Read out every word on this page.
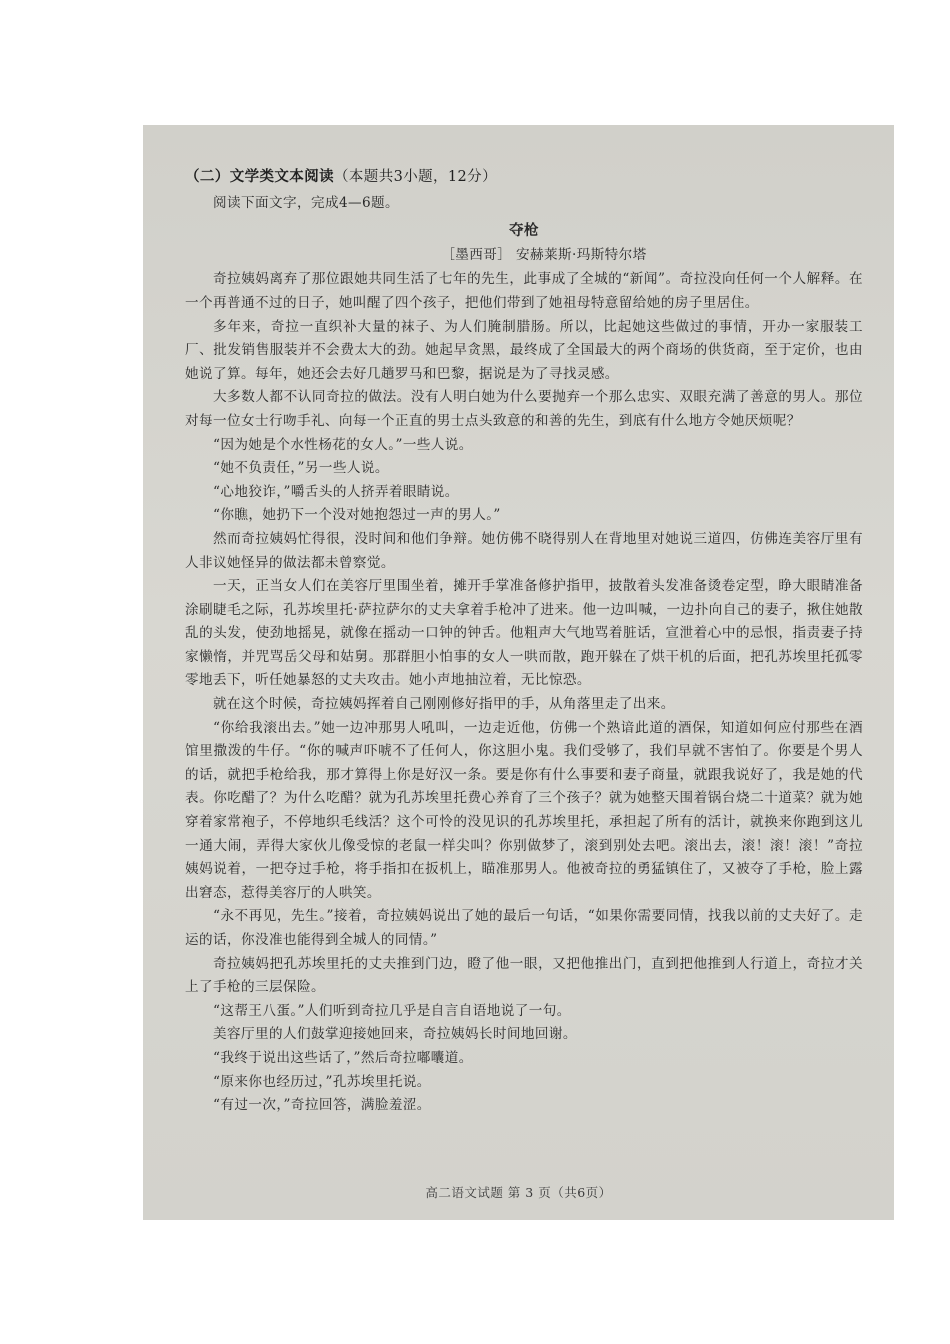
（二）文学类文本阅读（本题共3小题，12分）

阅读下面文字，完成4—6题。

夺枪

［墨西哥］ 安赫莱斯·玛斯特尔塔

奇拉姨妈离弃了那位跟她共同生活了七年的先生，此事成了全城的“新闻”。奇拉没向任何一个人解释。在一个再普通不过的日子，她叫醒了四个孩子，把他们带到了她祖母特意留给她的房子里居住。

多年来，奇拉一直织补大量的袜子、为人们腌制腊肠。所以，比起她这些做过的事情，开办一家服装工厂、批发销售服装并不会费太大的劲。她起早贪黑，最终成了全国最大的两个商场的供货商，至于定价，也由她说了算。每年，她还会去好几趟罗马和巴黎，据说是为了寻找灵感。

大多数人都不认同奇拉的做法。没有人明白她为什么要抛弃一个那么忠实、双眼充满了善意的男人。那位对每一位女士行吻手礼、向每一个正直的男士点头致意的和善的先生，到底有什么地方令她厌烦呢？

“因为她是个水性杨花的女人。”一些人说。

“她不负责任，”另一些人说。

“心地狡诈，”嚼舌头的人挤弄着眼睛说。

“你瞧，她扔下一个没对她抱怨过一声的男人。”

然而奇拉姨妈忙得很，没时间和他们争辩。她仿佛不晓得别人在背地里对她说三道四，仿佛连美容厅里有人非议她怪异的做法都未曾察觉。

一天，正当女人们在美容厅里围坐着，摊开手掌准备修护指甲，披散着头发准备烫卷定型，睁大眼睛准备涂刷睫毛之际，孔苏埃里托·萨拉萨尔的丈夫拿着手枪冲了进来。他一边叫喊，一边扑向自己的妻子，揪住她散乱的头发，使劲地摇晃，就像在摇动一口钟的钟舌。他粗声大气地骂着脏话，宣泄着心中的忌恨，指责妻子持家懒惰，并咒骂岳父母和姑舅。那群胆小怕事的女人一哄而散，跑开躲在了烘干机的后面，把孔苏埃里托孤零零地丢下，听任她暴怒的丈夫攻击。她小声地抽泣着，无比惊恐。

就在这个时候，奇拉姨妈挥着自己刚刚修好指甲的手，从角落里走了出来。

“你给我滚出去。”她一边冲那男人吼叫，一边走近他，仿佛一个熟谙此道的酒保，知道如何应付那些在酒馆里撒泼的牛仔。“你的喊声吓唬不了任何人，你这胆小鬼。我们受够了，我们早就不害怕了。你要是个男人的话，就把手枪给我，那才算得上你是好汉一条。要是你有什么事要和妻子商量，就跟我说好了，我是她的代表。你吃醋了？为什么吃醋？就为孔苏埃里托费心养育了三个孩子？就为她整天围着锅台烧二十道菜？就为她穿着家常袍子，不停地织毛线活？这个可怜的没见识的孔苏埃里托，承担起了所有的活计，就换来你跑到这儿一通大闹，弄得大家伙儿像受惊的老鼠一样尖叫？你别做梦了，滚到别处去吧。滚出去，滚！滚！滚！”奇拉姨妈说着，一把夺过手枪，将手指扣在扳机上，瞄准那男人。他被奇拉的勇猛镇住了，又被夺了手枪，脸上露出窘态，惹得美容厅的人哄笑。

“永不再见，先生。”接着，奇拉姨妈说出了她的最后一句话，“如果你需要同情，找我以前的丈夫好了。走运的话，你没准也能得到全城人的同情。”

奇拉姨妈把孔苏埃里托的丈夫推到门边，瞪了他一眼，又把他推出门，直到把他推到人行道上，奇拉才关上了手枪的三层保险。

“这帮王八蛋。”人们听到奇拉几乎是自言自语地说了一句。

美容厅里的人们鼓掌迎接她回来，奇拉姨妈长时间地回谢。

“我终于说出这些话了，”然后奇拉嘟囔道。

“原来你也经历过，”孔苏埃里托说。

“有过一次，”奇拉回答，满脸羞涩。

高二语文试题 第 3 页（共6页）
